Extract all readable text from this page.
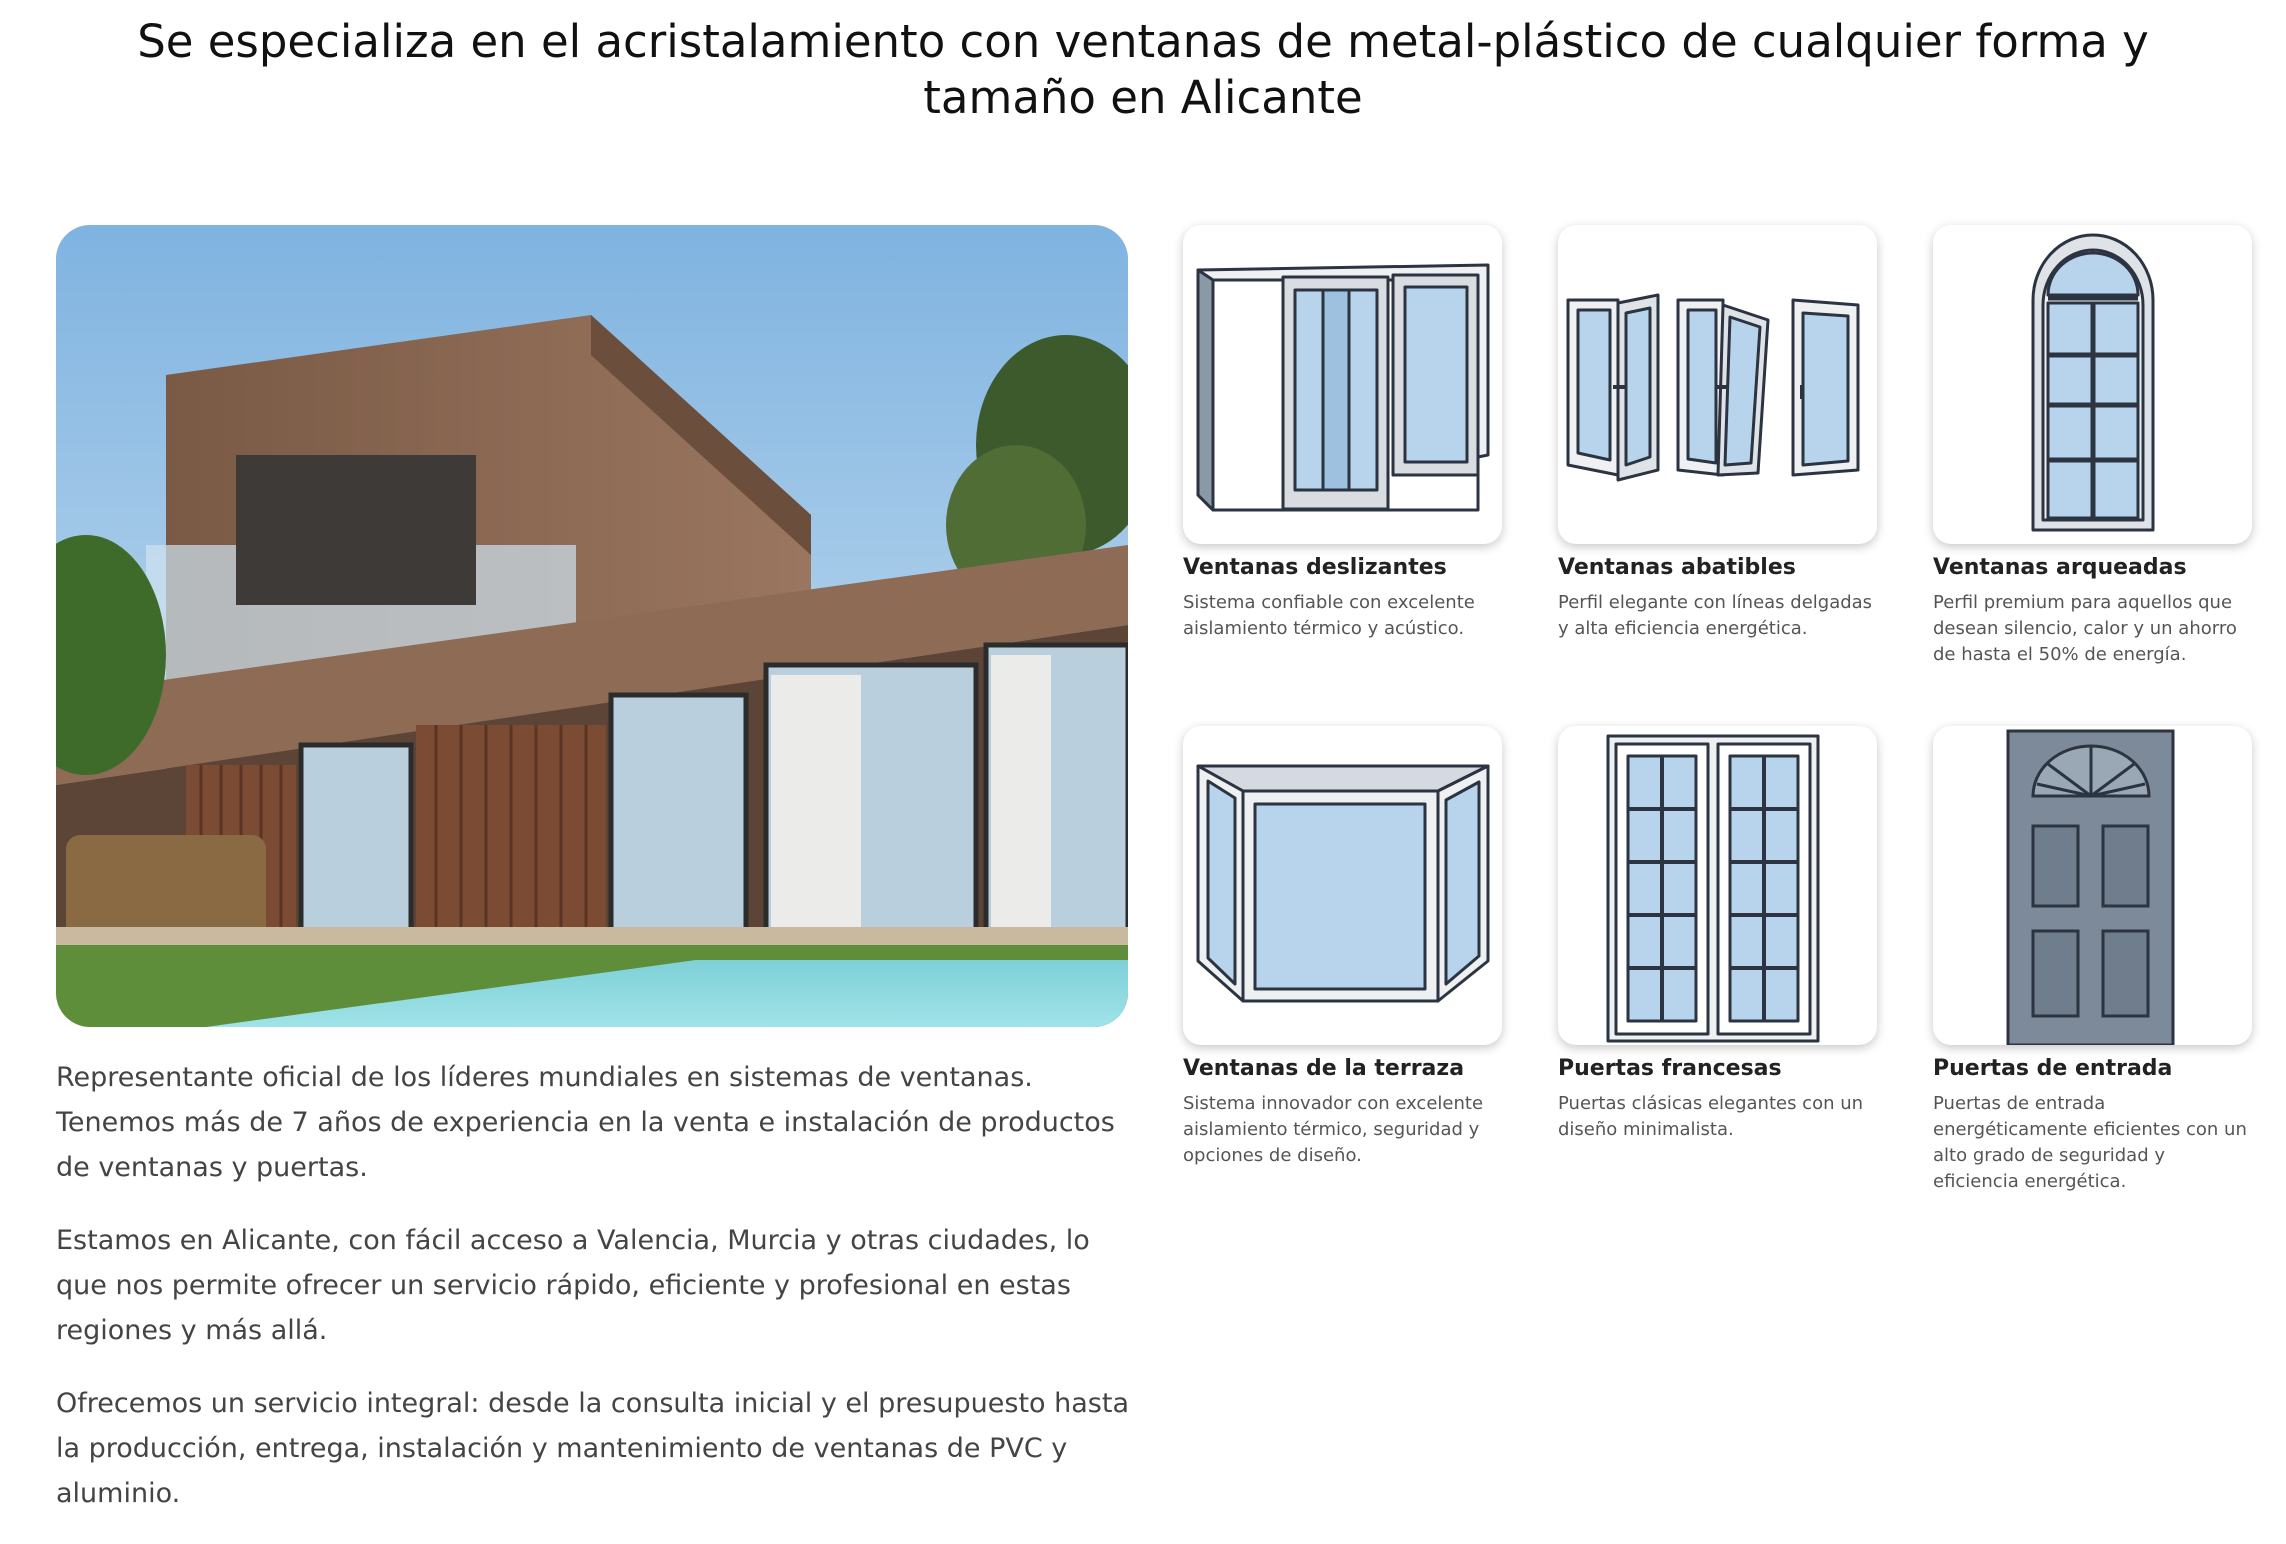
Se especializa en el acristalamiento con ventanas de metal-plástico de cualquier forma y tamaño en Alicante

Representante oficial de los líderes mundiales en sistemas de ventanas. Tenemos más de 7 años de experiencia en la venta e instalación de productos de ventanas y puertas.

Estamos en Alicante, con fácil acceso a Valencia, Murcia y otras ciudades, lo que nos permite ofrecer un servicio rápido, eficiente y profesional en estas regiones y más allá.

Ofrecemos un servicio integral: desde la consulta inicial y el presupuesto hasta la producción, entrega, instalación y mantenimiento de ventanas de PVC y aluminio.

Ventanas deslizantes

Sistema confiable con excelente aislamiento térmico y acústico.

Ventanas abatibles

Perfil elegante con líneas delgadas y alta eficiencia energética.

Ventanas arqueadas

Perfil premium para aquellos que desean silencio, calor y un ahorro de hasta el 50% de energía.

Ventanas de la terraza

Sistema innovador con excelente aislamiento térmico, seguridad y opciones de diseño.

Puertas francesas

Puertas clásicas elegantes con un diseño minimalista.

Puertas de entrada

Puertas de entrada energéticamente eficientes con un alto grado de seguridad y eficiencia energética.
